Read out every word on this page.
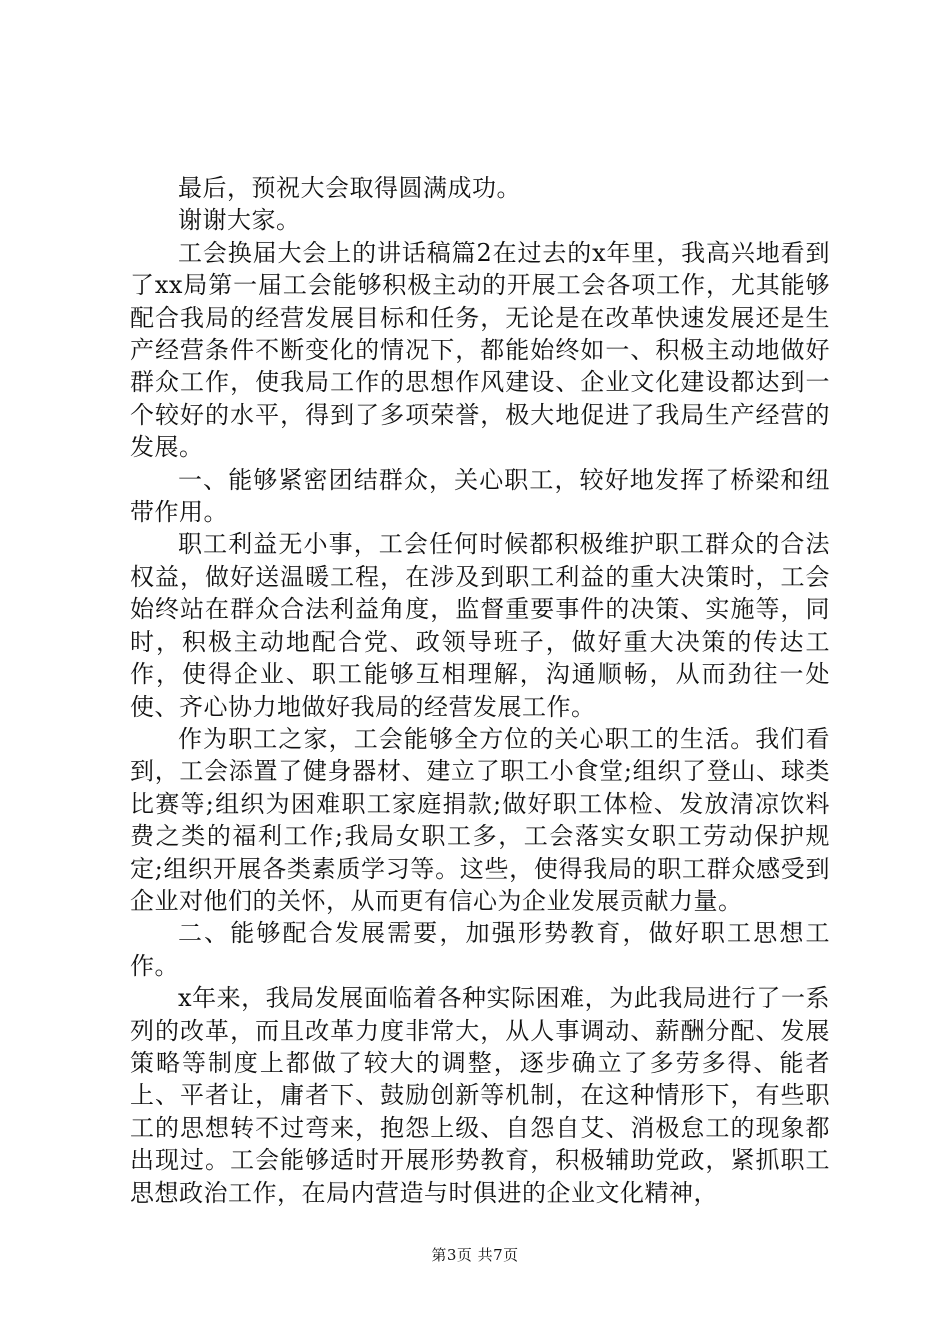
最后，预祝大会取得圆满成功。

谢谢大家。

工会换届大会上的讲话稿篇2在过去的x年里，我高兴地看到了xx局第一届工会能够积极主动的开展工会各项工作，尤其能够配合我局的经营发展目标和任务，无论是在改革快速发展还是生产经营条件不断变化的情况下，都能始终如一、积极主动地做好群众工作，使我局工作的思想作风建设、企业文化建设都达到一个较好的水平，得到了多项荣誉，极大地促进了我局生产经营的发展。

一、能够紧密团结群众，关心职工，较好地发挥了桥梁和纽带作用。

职工利益无小事，工会任何时候都积极维护职工群众的合法权益，做好送温暖工程，在涉及到职工利益的重大决策时，工会始终站在群众合法利益角度，监督重要事件的决策、实施等，同时，积极主动地配合党、政领导班子，做好重大决策的传达工作，使得企业、职工能够互相理解，沟通顺畅，从而劲往一处使、齐心协力地做好我局的经营发展工作。

作为职工之家，工会能够全方位的关心职工的生活。我们看到，工会添置了健身器材、建立了职工小食堂;组织了登山、球类比赛等;组织为困难职工家庭捐款;做好职工体检、发放清凉饮料费之类的福利工作;我局女职工多，工会落实女职工劳动保护规定;组织开展各类素质学习等。这些，使得我局的职工群众感受到企业对他们的关怀，从而更有信心为企业发展贡献力量。

二、能够配合发展需要，加强形势教育，做好职工思想工作。

x年来，我局发展面临着各种实际困难，为此我局进行了一系列的改革，而且改革力度非常大，从人事调动、薪酬分配、发展策略等制度上都做了较大的调整，逐步确立了多劳多得、能者上、平者让，庸者下、鼓励创新等机制，在这种情形下，有些职工的思想转不过弯来，抱怨上级、自怨自艾、消极怠工的现象都出现过。工会能够适时开展形势教育，积极辅助党政，紧抓职工思想政治工作，在局内营造与时俱进的企业文化精神，

第3页 共7页
